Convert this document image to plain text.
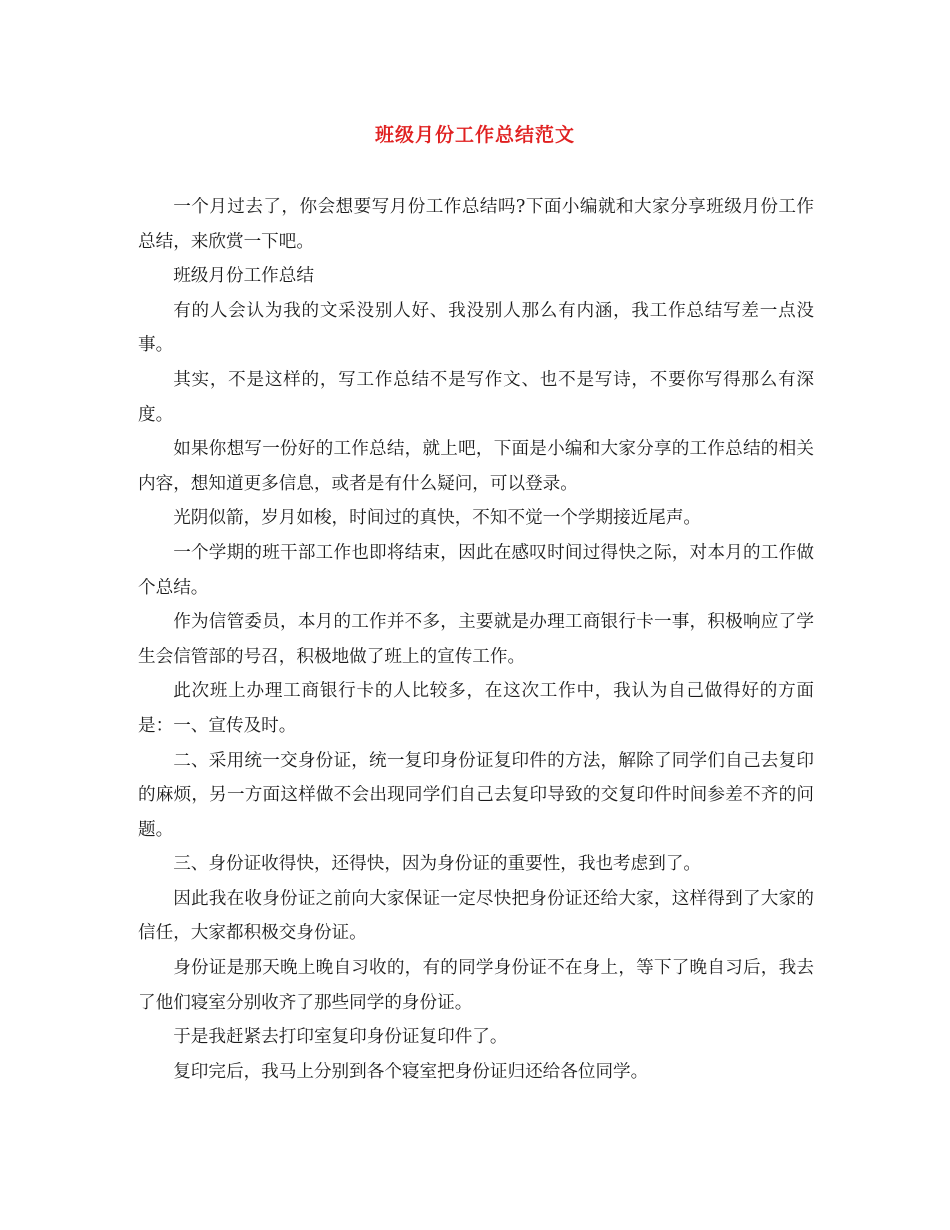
班级月份工作总结范文

一个月过去了，你会想要写月份工作总结吗?下面小编就和大家分享班级月份工作总结，来欣赏一下吧。

班级月份工作总结

有的人会认为我的文采没别人好、我没别人那么有内涵，我工作总结写差一点没事。

其实，不是这样的，写工作总结不是写作文、也不是写诗，不要你写得那么有深度。

如果你想写一份好的工作总结，就上吧，下面是小编和大家分享的工作总结的相关内容，想知道更多信息，或者是有什么疑问，可以登录。

光阴似箭，岁月如梭，时间过的真快，不知不觉一个学期接近尾声。

一个学期的班干部工作也即将结束，因此在感叹时间过得快之际，对本月的工作做个总结。

作为信管委员，本月的工作并不多，主要就是办理工商银行卡一事，积极响应了学生会信管部的号召，积极地做了班上的宣传工作。

此次班上办理工商银行卡的人比较多，在这次工作中，我认为自己做得好的方面是：一、宣传及时。

二、采用统一交身份证，统一复印身份证复印件的方法，解除了同学们自己去复印的麻烦，另一方面这样做不会出现同学们自己去复印导致的交复印件时间参差不齐的问题。

三、身份证收得快，还得快，因为身份证的重要性，我也考虑到了。

因此我在收身份证之前向大家保证一定尽快把身份证还给大家，这样得到了大家的信任，大家都积极交身份证。

身份证是那天晚上晚自习收的，有的同学身份证不在身上，等下了晚自习后，我去了他们寝室分别收齐了那些同学的身份证。

于是我赶紧去打印室复印身份证复印件了。

复印完后，我马上分别到各个寝室把身份证归还给各位同学。
